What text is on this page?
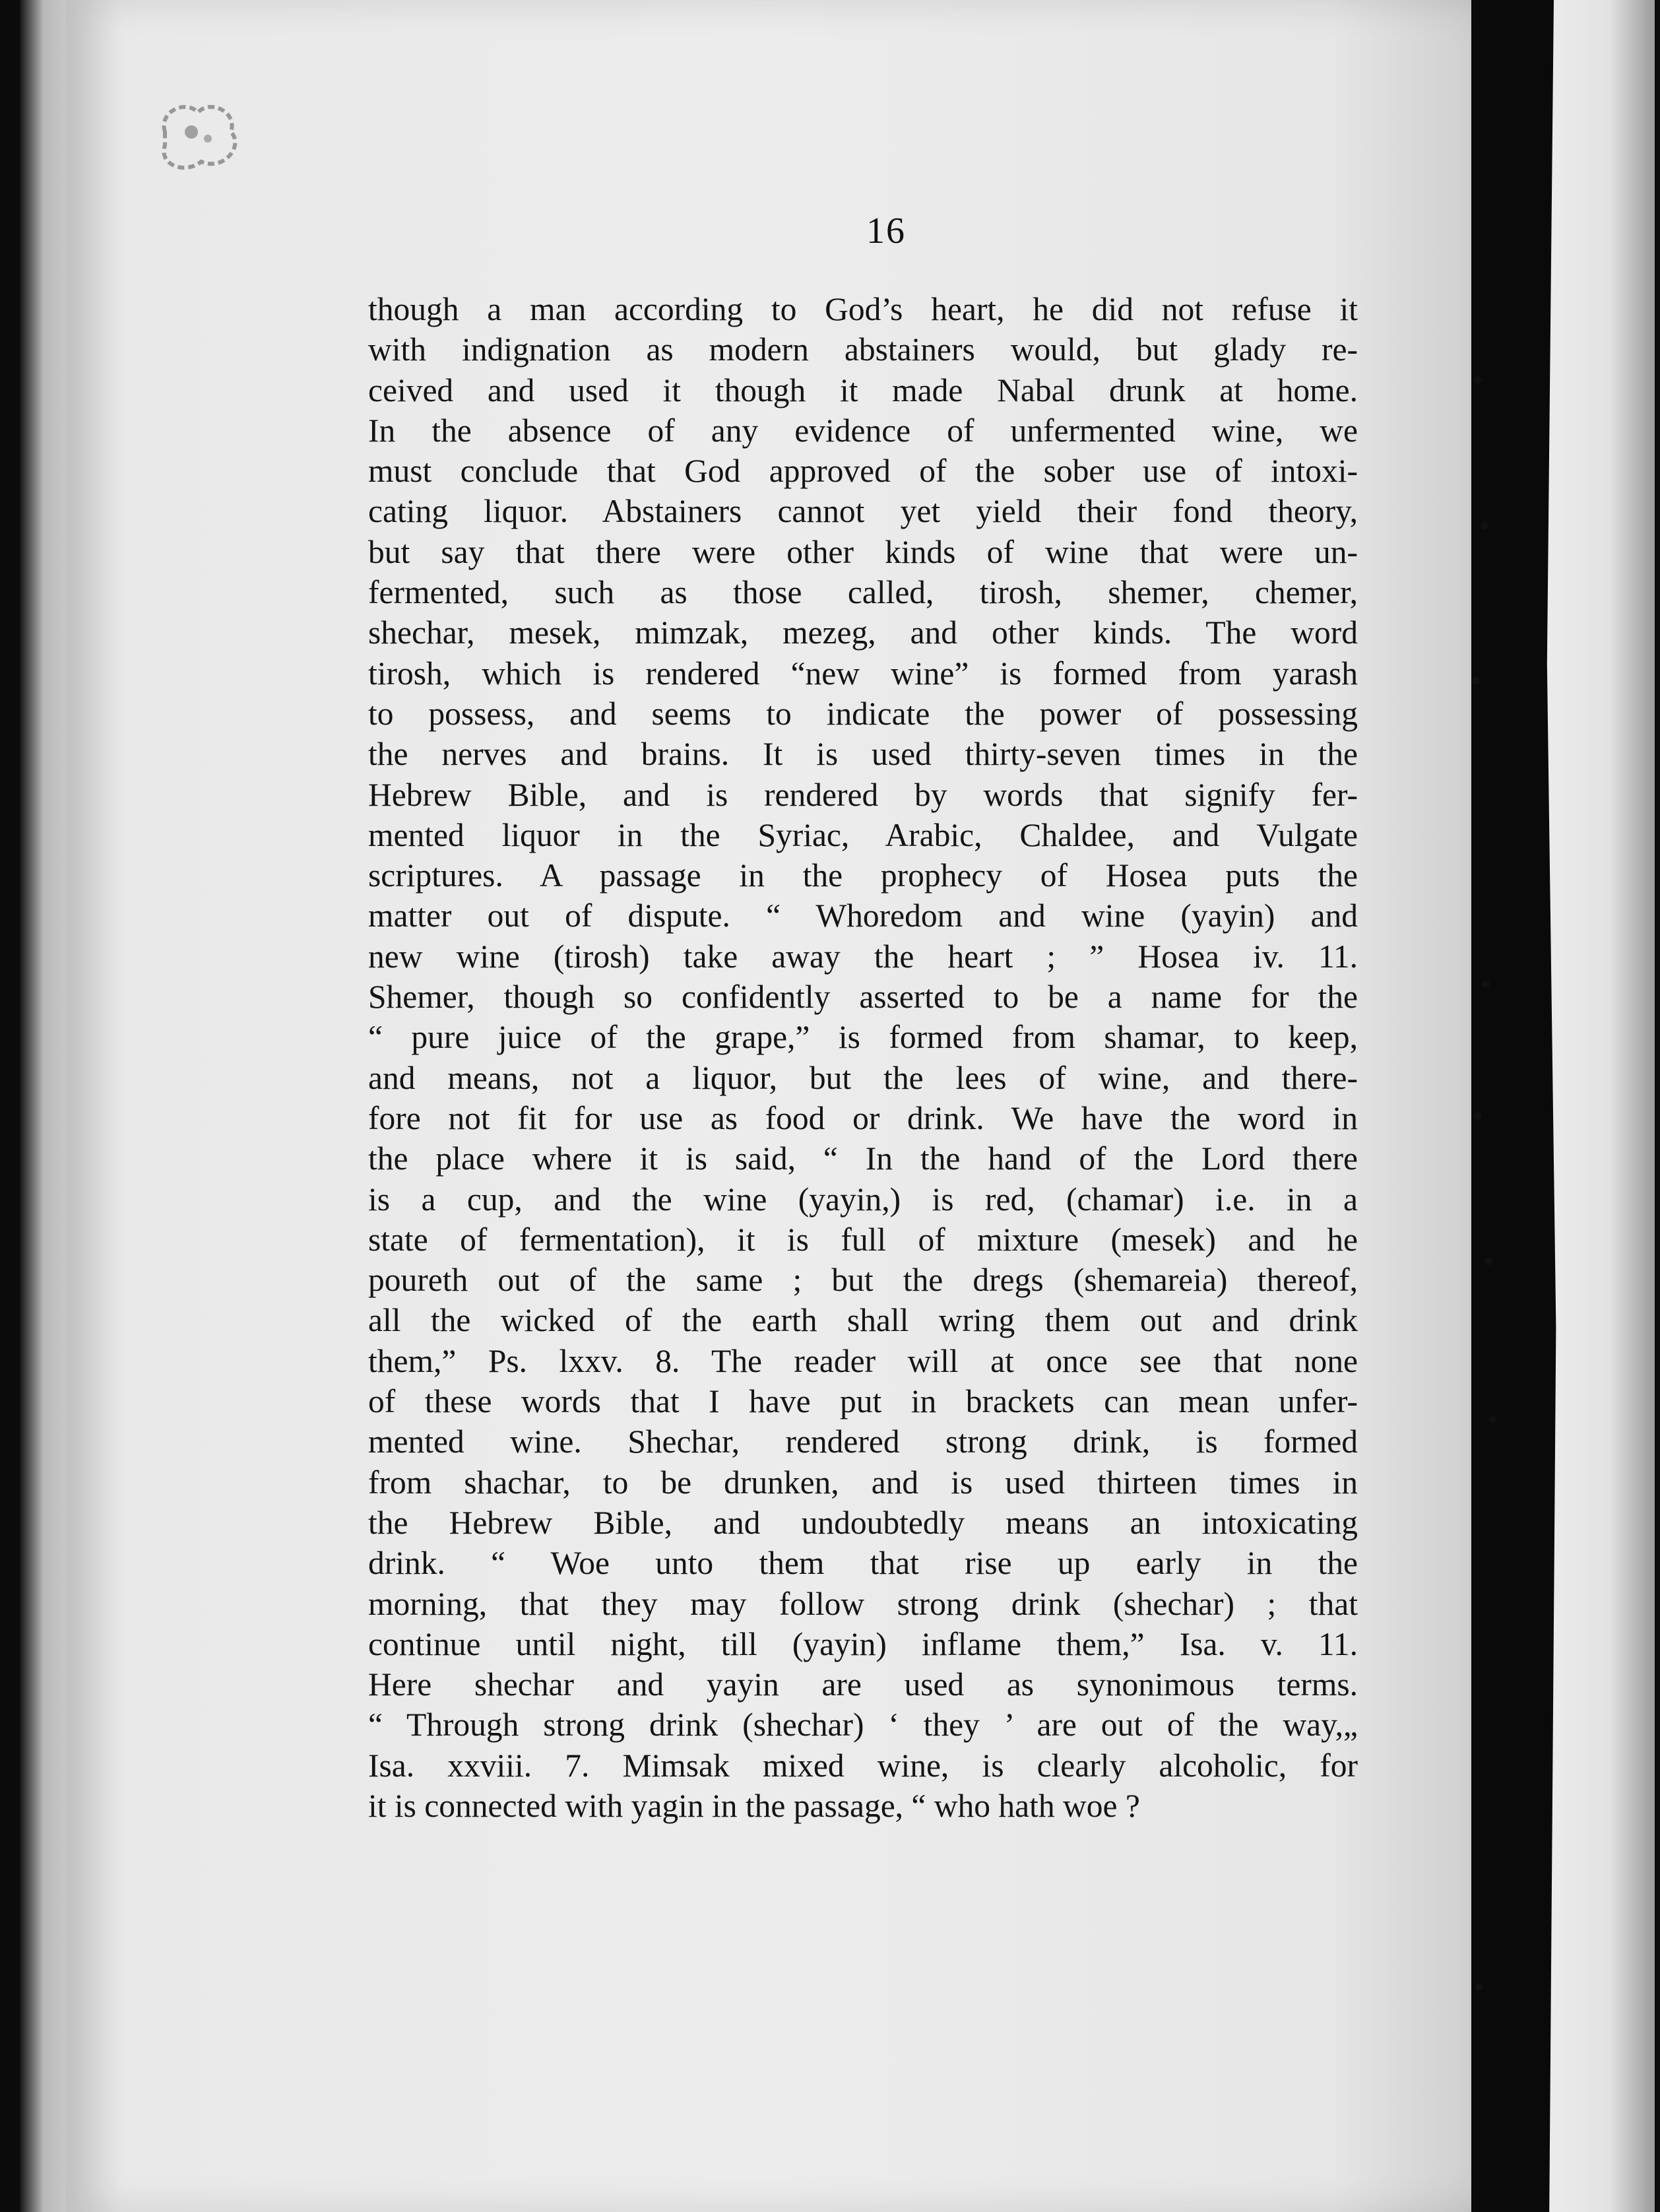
16
though a man according to God’s heart, he did not refuse it
with indignation as modern abstainers would, but glady re-
ceived and used it though it made Nabal drunk at home.
In the absence of any evidence of unfermented wine, we
must conclude that God approved of the sober use of intoxi-
cating liquor. Abstainers cannot yet yield their fond theory,
but say that there were other kinds of wine that were un-
fermented, such as those called, tirosh, shemer, chemer,
shechar, mesek, mimzak, mezeg, and other kinds. The word
tirosh, which is rendered “new wine” is formed from yarash
to possess, and seems to indicate the power of possessing
the nerves and brains. It is used thirty-seven times in the
Hebrew Bible, and is rendered by words that signify fer-
mented liquor in the Syriac, Arabic, Chaldee, and Vulgate
scriptures. A passage in the prophecy of Hosea puts the
matter out of dispute. “ Whoredom and wine (yayin) and
new wine (tirosh) take away the heart ; ” Hosea iv. 11.
Shemer, though so confidently asserted to be a name for the
“ pure juice of the grape,” is formed from shamar, to keep,
and means, not a liquor, but the lees of wine, and there-
fore not fit for use as food or drink. We have the word in
the place where it is said, “ In the hand of the Lord there
is a cup, and the wine (yayin,) is red, (chamar) i.e. in a
state of fermentation), it is full of mixture (mesek) and he
poureth out of the same ; but the dregs (shemareia) thereof,
all the wicked of the earth shall wring them out and drink
them,” Ps. lxxv. 8. The reader will at once see that none
of these words that I have put in brackets can mean unfer-
mented wine. Shechar, rendered strong drink, is formed
from shachar, to be drunken, and is used thirteen times in
the Hebrew Bible, and undoubtedly means an intoxicating
drink. “ Woe unto them that rise up early in the
morning, that they may follow strong drink (shechar) ; that
continue until night, till (yayin) inflame them,” Isa. v. 11.
Here shechar and yayin are used as synonimous terms.
“ Through strong drink (shechar) ‘ they ’ are out of the way,„
Isa. xxviii. 7. Mimsak mixed wine, is clearly alcoholic, for
it is connected with yagin in the passage, “ who hath woe ?
•
•
•
•
•
•
•
•
